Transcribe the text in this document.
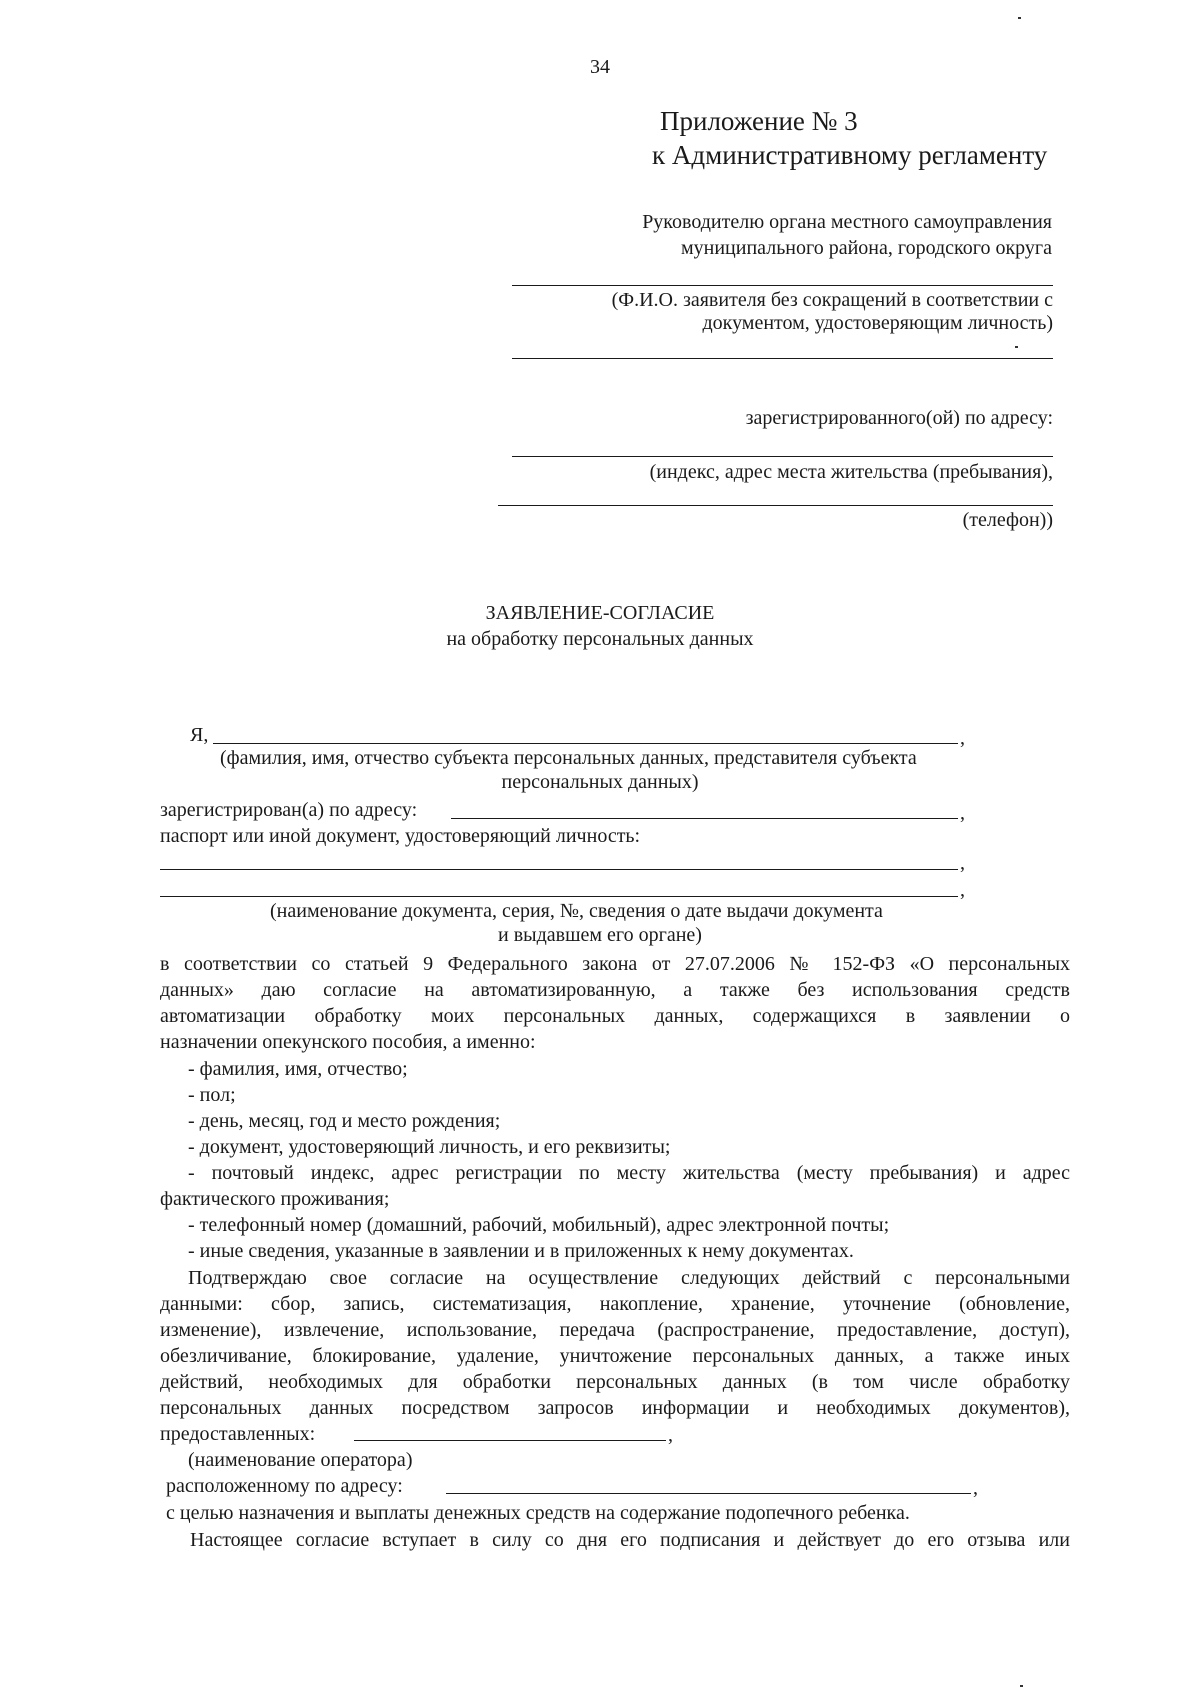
34
Приложение № 3
к Административному регламенту
Руководителю органа местного самоуправления
муниципального района, городского округа
(Ф.И.О. заявителя без сокращений в соответствии с
документом, удостоверяющим личность)
зарегистрированного(ой) по адресу:
(индекс, адрес места жительства (пребывания),
(телефон))
ЗАЯВЛЕНИЕ-СОГЛАСИЕ
на обработку персональных данных
Я,	,
(фамилия, имя, отчество субъекта персональных данных, представителя субъекта
персональных данных)
зарегистрирован(а) по адресу:	,
паспорт или иной документ, удостоверяющий личность:
,
,
(наименование документа, серия, №, сведения о дате выдачи документа
и выдавшем его органе)
в соответствии со статьей 9 Федерального закона от 27.07.2006 № 152-ФЗ «О персональных
данных» даю согласие на автоматизированную, а также без использования средств
автоматизации обработку моих персональных данных, содержащихся в заявлении о
назначении опекунского пособия, а именно:
- фамилия, имя, отчество;
- пол;
- день, месяц, год и место рождения;
- документ, удостоверяющий личность, и его реквизиты;
- почтовый индекс, адрес регистрации по месту жительства (месту пребывания) и адрес
фактического проживания;
- телефонный номер (домашний, рабочий, мобильный), адрес электронной почты;
- иные сведения, указанные в заявлении и в приложенных к нему документах.
Подтверждаю свое согласие на осуществление следующих действий с персональными
данными: сбор, запись, систематизация, накопление, хранение, уточнение (обновление,
изменение), извлечение, использование, передача (распространение, предоставление, доступ),
обезличивание, блокирование, удаление, уничтожение персональных данных, а также иных
действий, необходимых для обработки персональных данных (в том числе обработку
персональных данных посредством запросов информации и необходимых документов),
предоставленных:	,
(наименование оператора)
расположенному по адресу:	,
с целью назначения и выплаты денежных средств на содержание подопечного ребенка.
Настоящее согласие вступает в силу со дня его подписания и действует до его отзыва или
